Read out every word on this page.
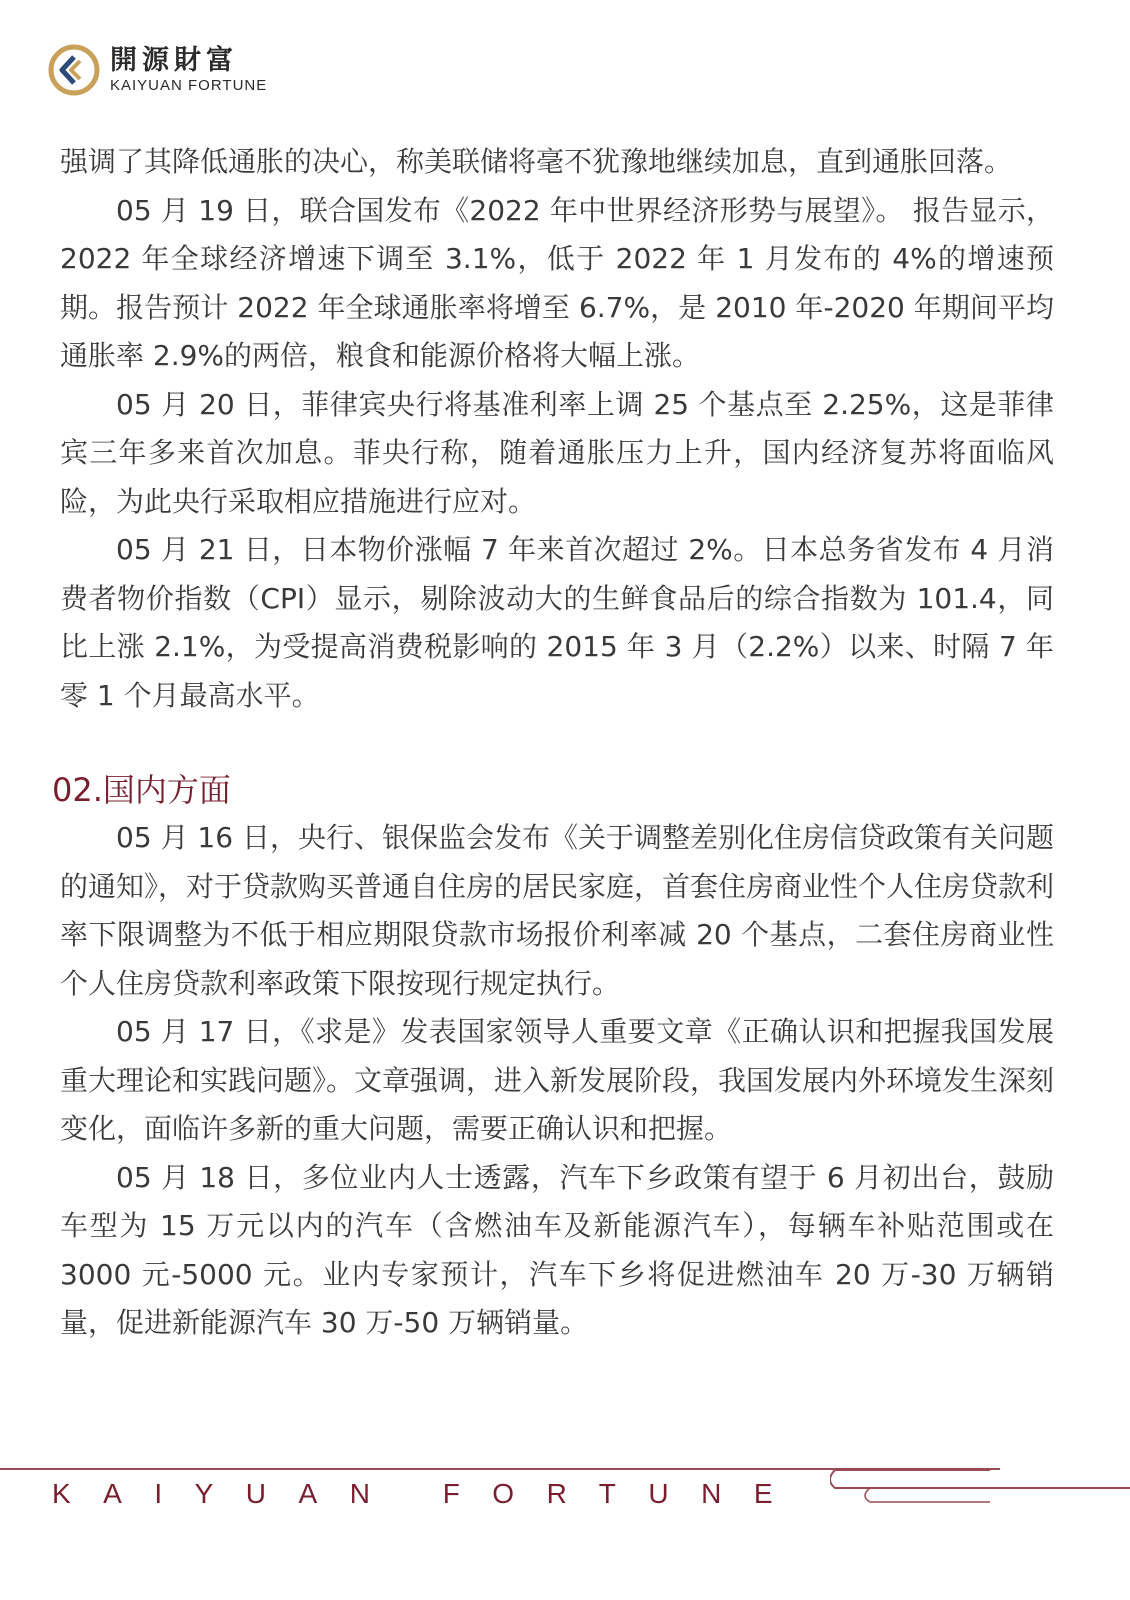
開源財富
KAIYUAN FORTUNE

强调了其降低通胀的决心，称美联储将毫不犹豫地继续加息，直到通胀回落。

05 月 19 日，联合国发布《2022 年中世界经济形势与展望》。 报告显示，2022 年全球经济增速下调至 3.1%，低于 2022 年 1 月发布的 4%的增速预期。报告预计 2022 年全球通胀率将增至 6.7%，是 2010 年-2020 年期间平均通胀率 2.9%的两倍，粮食和能源价格将大幅上涨。

05 月 20 日，菲律宾央行将基准利率上调 25 个基点至 2.25%，这是菲律宾三年多来首次加息。菲央行称，随着通胀压力上升，国内经济复苏将面临风险，为此央行采取相应措施进行应对。

05 月 21 日，日本物价涨幅 7 年来首次超过 2%。日本总务省发布 4 月消费者物价指数（CPI）显示，剔除波动大的生鲜食品后的综合指数为 101.4，同比上涨 2.1%，为受提高消费税影响的 2015 年 3 月（2.2%）以来、时隔 7 年零 1 个月最高水平。

02.国内方面

05 月 16 日，央行、银保监会发布《关于调整差别化住房信贷政策有关问题的通知》，对于贷款购买普通自住房的居民家庭，首套住房商业性个人住房贷款利率下限调整为不低于相应期限贷款市场报价利率减 20 个基点，二套住房商业性个人住房贷款利率政策下限按现行规定执行。

05 月 17 日，《求是》发表国家领导人重要文章《正确认识和把握我国发展重大理论和实践问题》。文章强调，进入新发展阶段，我国发展内外环境发生深刻变化，面临许多新的重大问题，需要正确认识和把握。

05 月 18 日，多位业内人士透露，汽车下乡政策有望于 6 月初出台，鼓励车型为 15 万元以内的汽车（含燃油车及新能源汽车），每辆车补贴范围或在 3000 元-5000 元。业内专家预计，汽车下乡将促进燃油车 20 万-30 万辆销量，促进新能源汽车 30 万-50 万辆销量。

KAIYUAN FORTUNE
